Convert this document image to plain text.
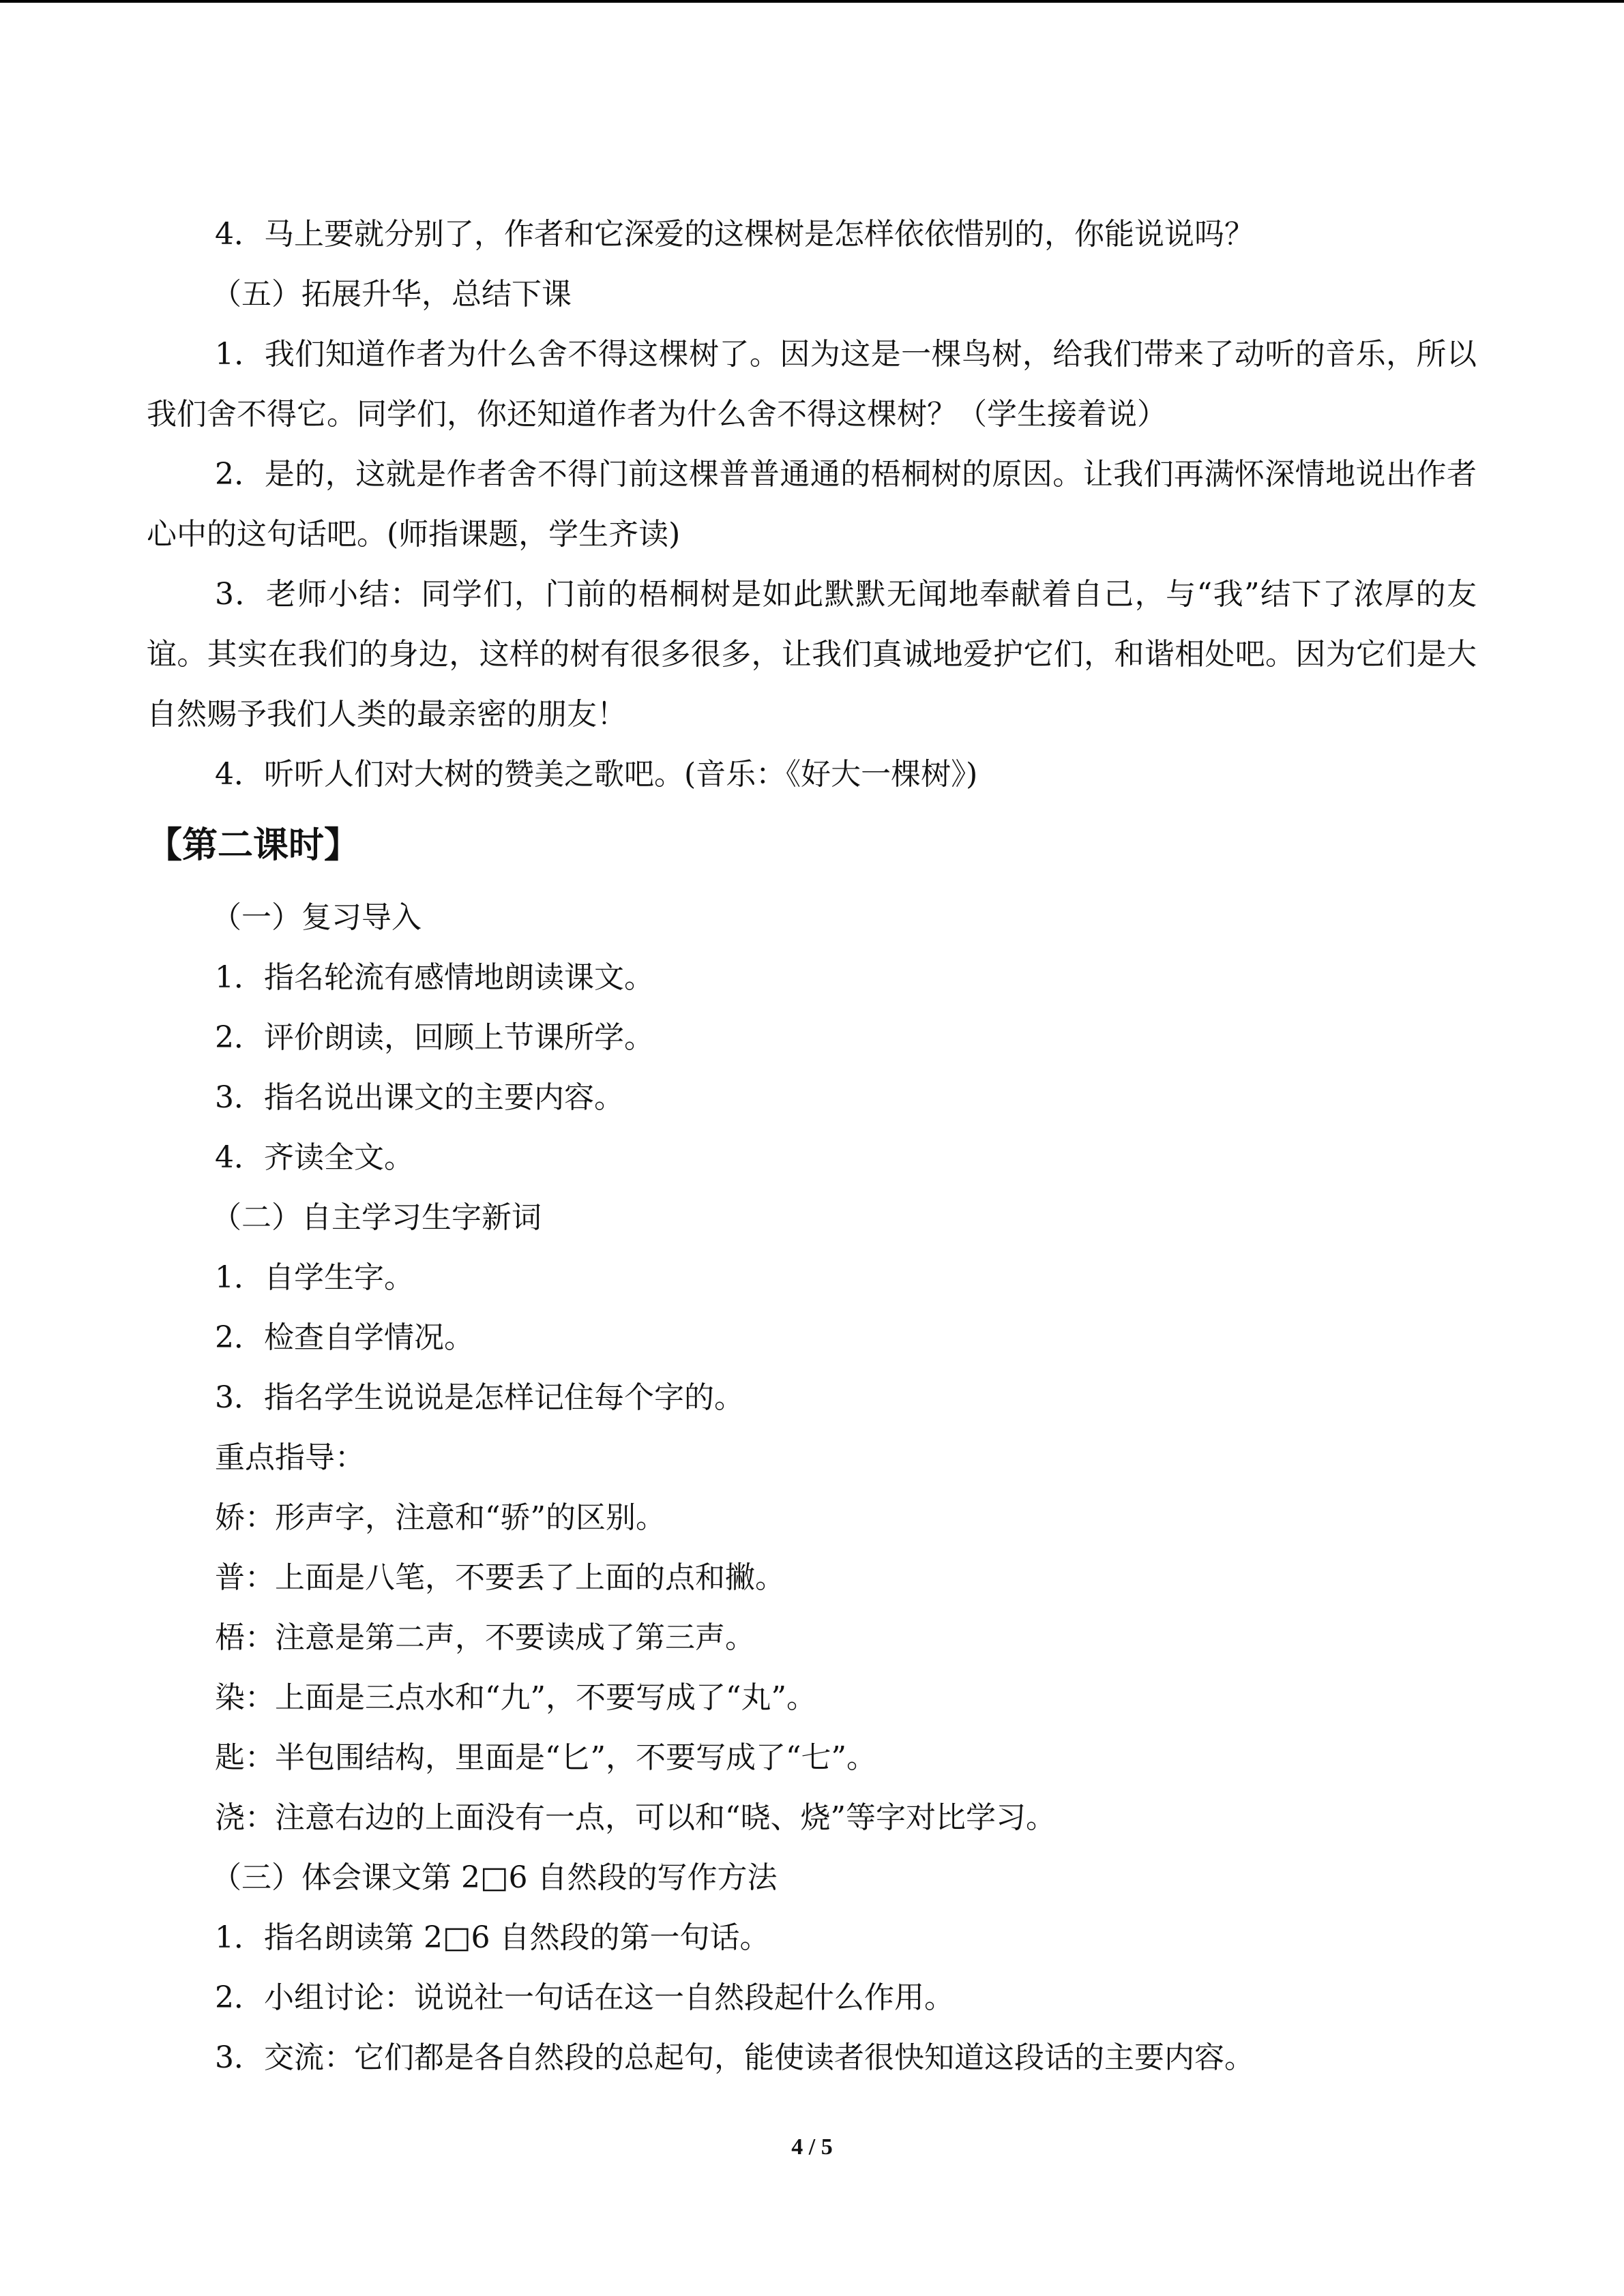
4．马上要就分别了，作者和它深爱的这棵树是怎样依依惜别的，你能说说吗？

（五）拓展升华，总结下课

1．我们知道作者为什么舍不得这棵树了。因为这是一棵鸟树，给我们带来了动听的音乐，所以我们舍不得它。同学们，你还知道作者为什么舍不得这棵树？（学生接着说）

2．是的，这就是作者舍不得门前这棵普普通通的梧桐树的原因。让我们再满怀深情地说出作者心中的这句话吧。(师指课题，学生齐读)

3．老师小结：同学们，门前的梧桐树是如此默默无闻地奉献着自己，与“我”结下了浓厚的友谊。其实在我们的身边，这样的树有很多很多，让我们真诚地爱护它们，和谐相处吧。因为它们是大自然赐予我们人类的最亲密的朋友！

4．听听人们对大树的赞美之歌吧。(音乐：《好大一棵树》)

【第二课时】

（一）复习导入

1．指名轮流有感情地朗读课文。

2．评价朗读，回顾上节课所学。

3．指名说出课文的主要内容。

4．齐读全文。

（二）自主学习生字新词

1．自学生字。

2．检查自学情况。

3．指名学生说说是怎样记住每个字的。

重点指导：

娇：形声字，注意和“骄”的区别。

普：上面是八笔，不要丢了上面的点和撇。

梧：注意是第二声，不要读成了第三声。

染：上面是三点水和“九”，不要写成了“丸”。

匙：半包围结构，里面是“匕”，不要写成了“七”。

浇：注意右边的上面没有一点，可以和“晓、烧”等字对比学习。

（三）体会课文第 2□6 自然段的写作方法

1．指名朗读第 2□6 自然段的第一句话。

2．小组讨论：说说社一句话在这一自然段起什么作用。

3．交流：它们都是各自然段的总起句，能使读者很快知道这段话的主要内容。

4 / 5
